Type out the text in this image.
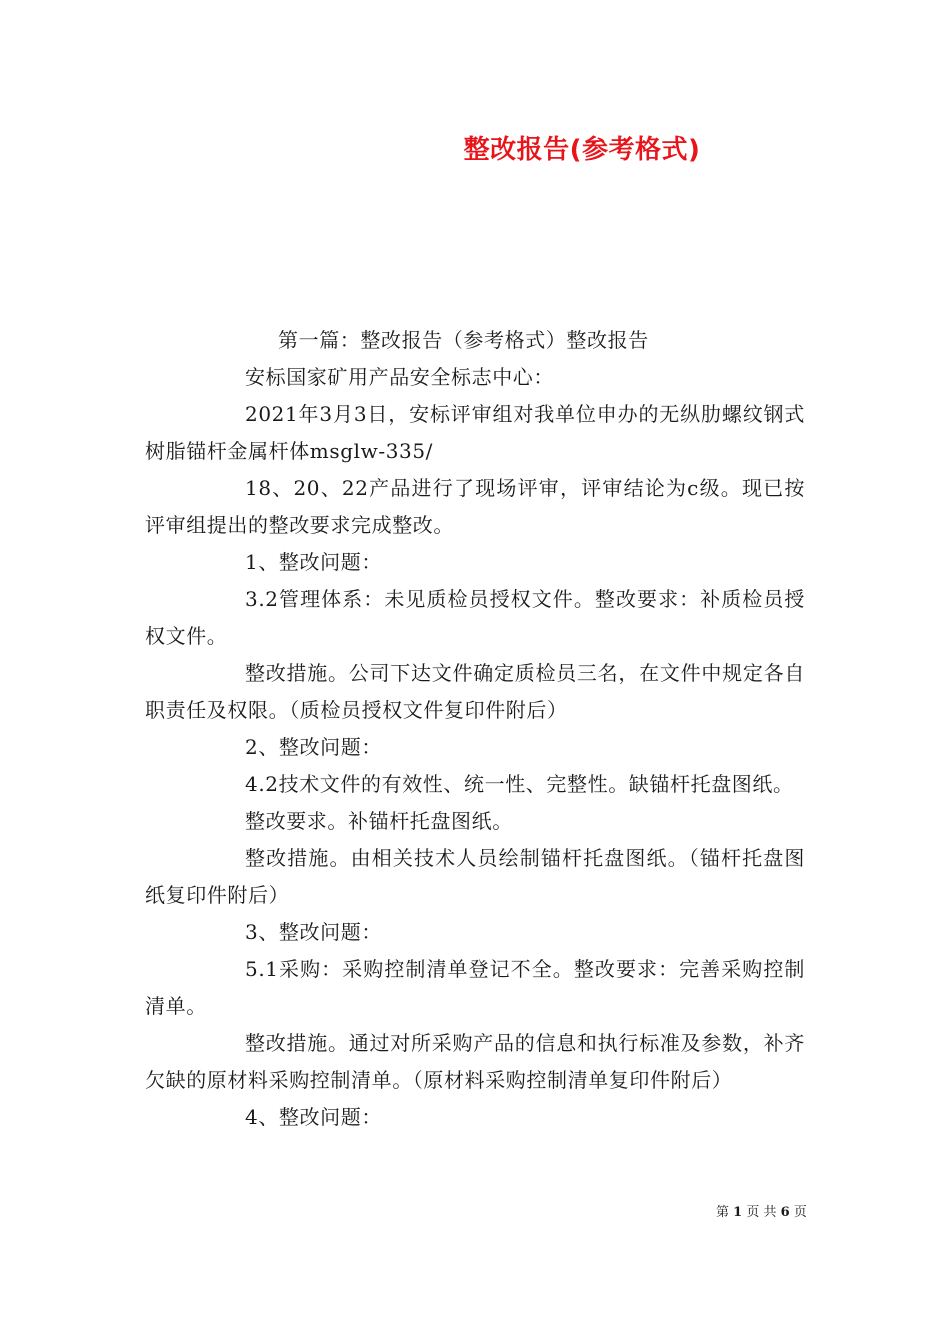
整改报告(参考格式)

第一篇：整改报告（参考格式）整改报告

安标国家矿用产品安全标志中心：

2021年3月3日，安标评审组对我单位申办的无纵肋螺纹钢式树脂锚杆金属杆体msglw-335/

18、20、22产品进行了现场评审，评审结论为c级。现已按评审组提出的整改要求完成整改。

1、整改问题：

3.2管理体系：未见质检员授权文件。整改要求：补质检员授权文件。

整改措施。公司下达文件确定质检员三名，在文件中规定各自职责任及权限。（质检员授权文件复印件附后）

2、整改问题：

4.2技术文件的有效性、统一性、完整性。缺锚杆托盘图纸。

整改要求。补锚杆托盘图纸。

整改措施。由相关技术人员绘制锚杆托盘图纸。（锚杆托盘图纸复印件附后）

3、整改问题：

5.1采购：采购控制清单登记不全。整改要求：完善采购控制清单。

整改措施。通过对所采购产品的信息和执行标准及参数，补齐欠缺的原材料采购控制清单。（原材料采购控制清单复印件附后）

4、整改问题：

第 1 页 共 6 页
